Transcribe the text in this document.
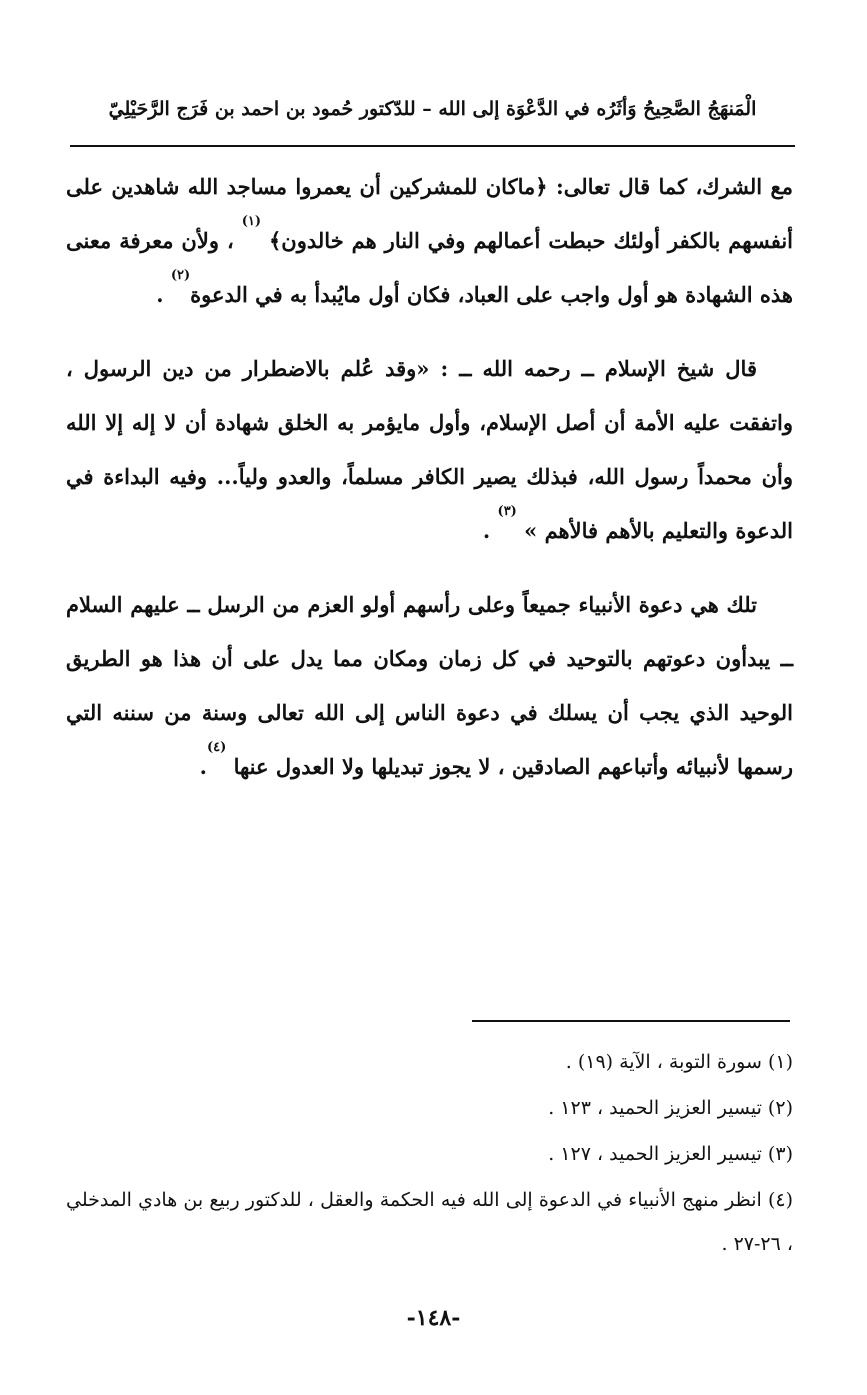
الْمَنهَجُ الصَّحِيحُ وَأثَرُه في الدَّعْوَة إلى الله – للدّكتور حُمود بن احمد بن فَرَج الرَّحَيْلِيّ

مع الشرك، كما قال تعالى: ﴿ماكان للمشركين أن يعمروا مساجد الله شاهدين على أنفسهم بالكفر أولئك حبطت أعمالهم وفي النار هم خالدون﴾ $^{(١)}$ ، ولأن معرفة معنى هذه الشهادة هو أول واجب على العباد، فكان أول مايُبدأ به في الدعوة$^{(٢)}$ .

قال شيخ الإسلام ــ رحمه الله ــ : «وقد عُلم بالاضطرار من دين الرسول ، واتفقت عليه الأمة أن أصل الإسلام، وأول مايؤمر به الخلق شهادة أن لا إله إلا الله وأن محمداً رسول الله، فبذلك يصير الكافر مسلماً، والعدو ولياً... وفيه البداءة في الدعوة والتعليم بالأهم فالأهم » $^{(٣)}$ .

تلك هي دعوة الأنبياء جميعاً وعلى رأسهم أولو العزم من الرسل ــ عليهم السلام ــ يبدأون دعوتهم بالتوحيد في كل زمان ومكان مما يدل على أن هذا هو الطريق الوحيد الذي يجب أن يسلك في دعوة الناس إلى الله تعالى وسنة من سننه التي رسمها لأنبيائه وأتباعهم الصادقين ، لا يجوز تبديلها ولا العدول عنها $^{(٤)}$.

(١) سورة التوبة ، الآية (١٩) .
(٢) تيسير العزيز الحميد ، ١٢٣ .
(٣) تيسير العزيز الحميد ، ١٢٧ .
(٤) انظر منهج الأنبياء في الدعوة إلى الله فيه الحكمة والعقل ، للدكتور ربيع بن هادي المدخلي ، ٢٦-٢٧ .
-١٤٨-
